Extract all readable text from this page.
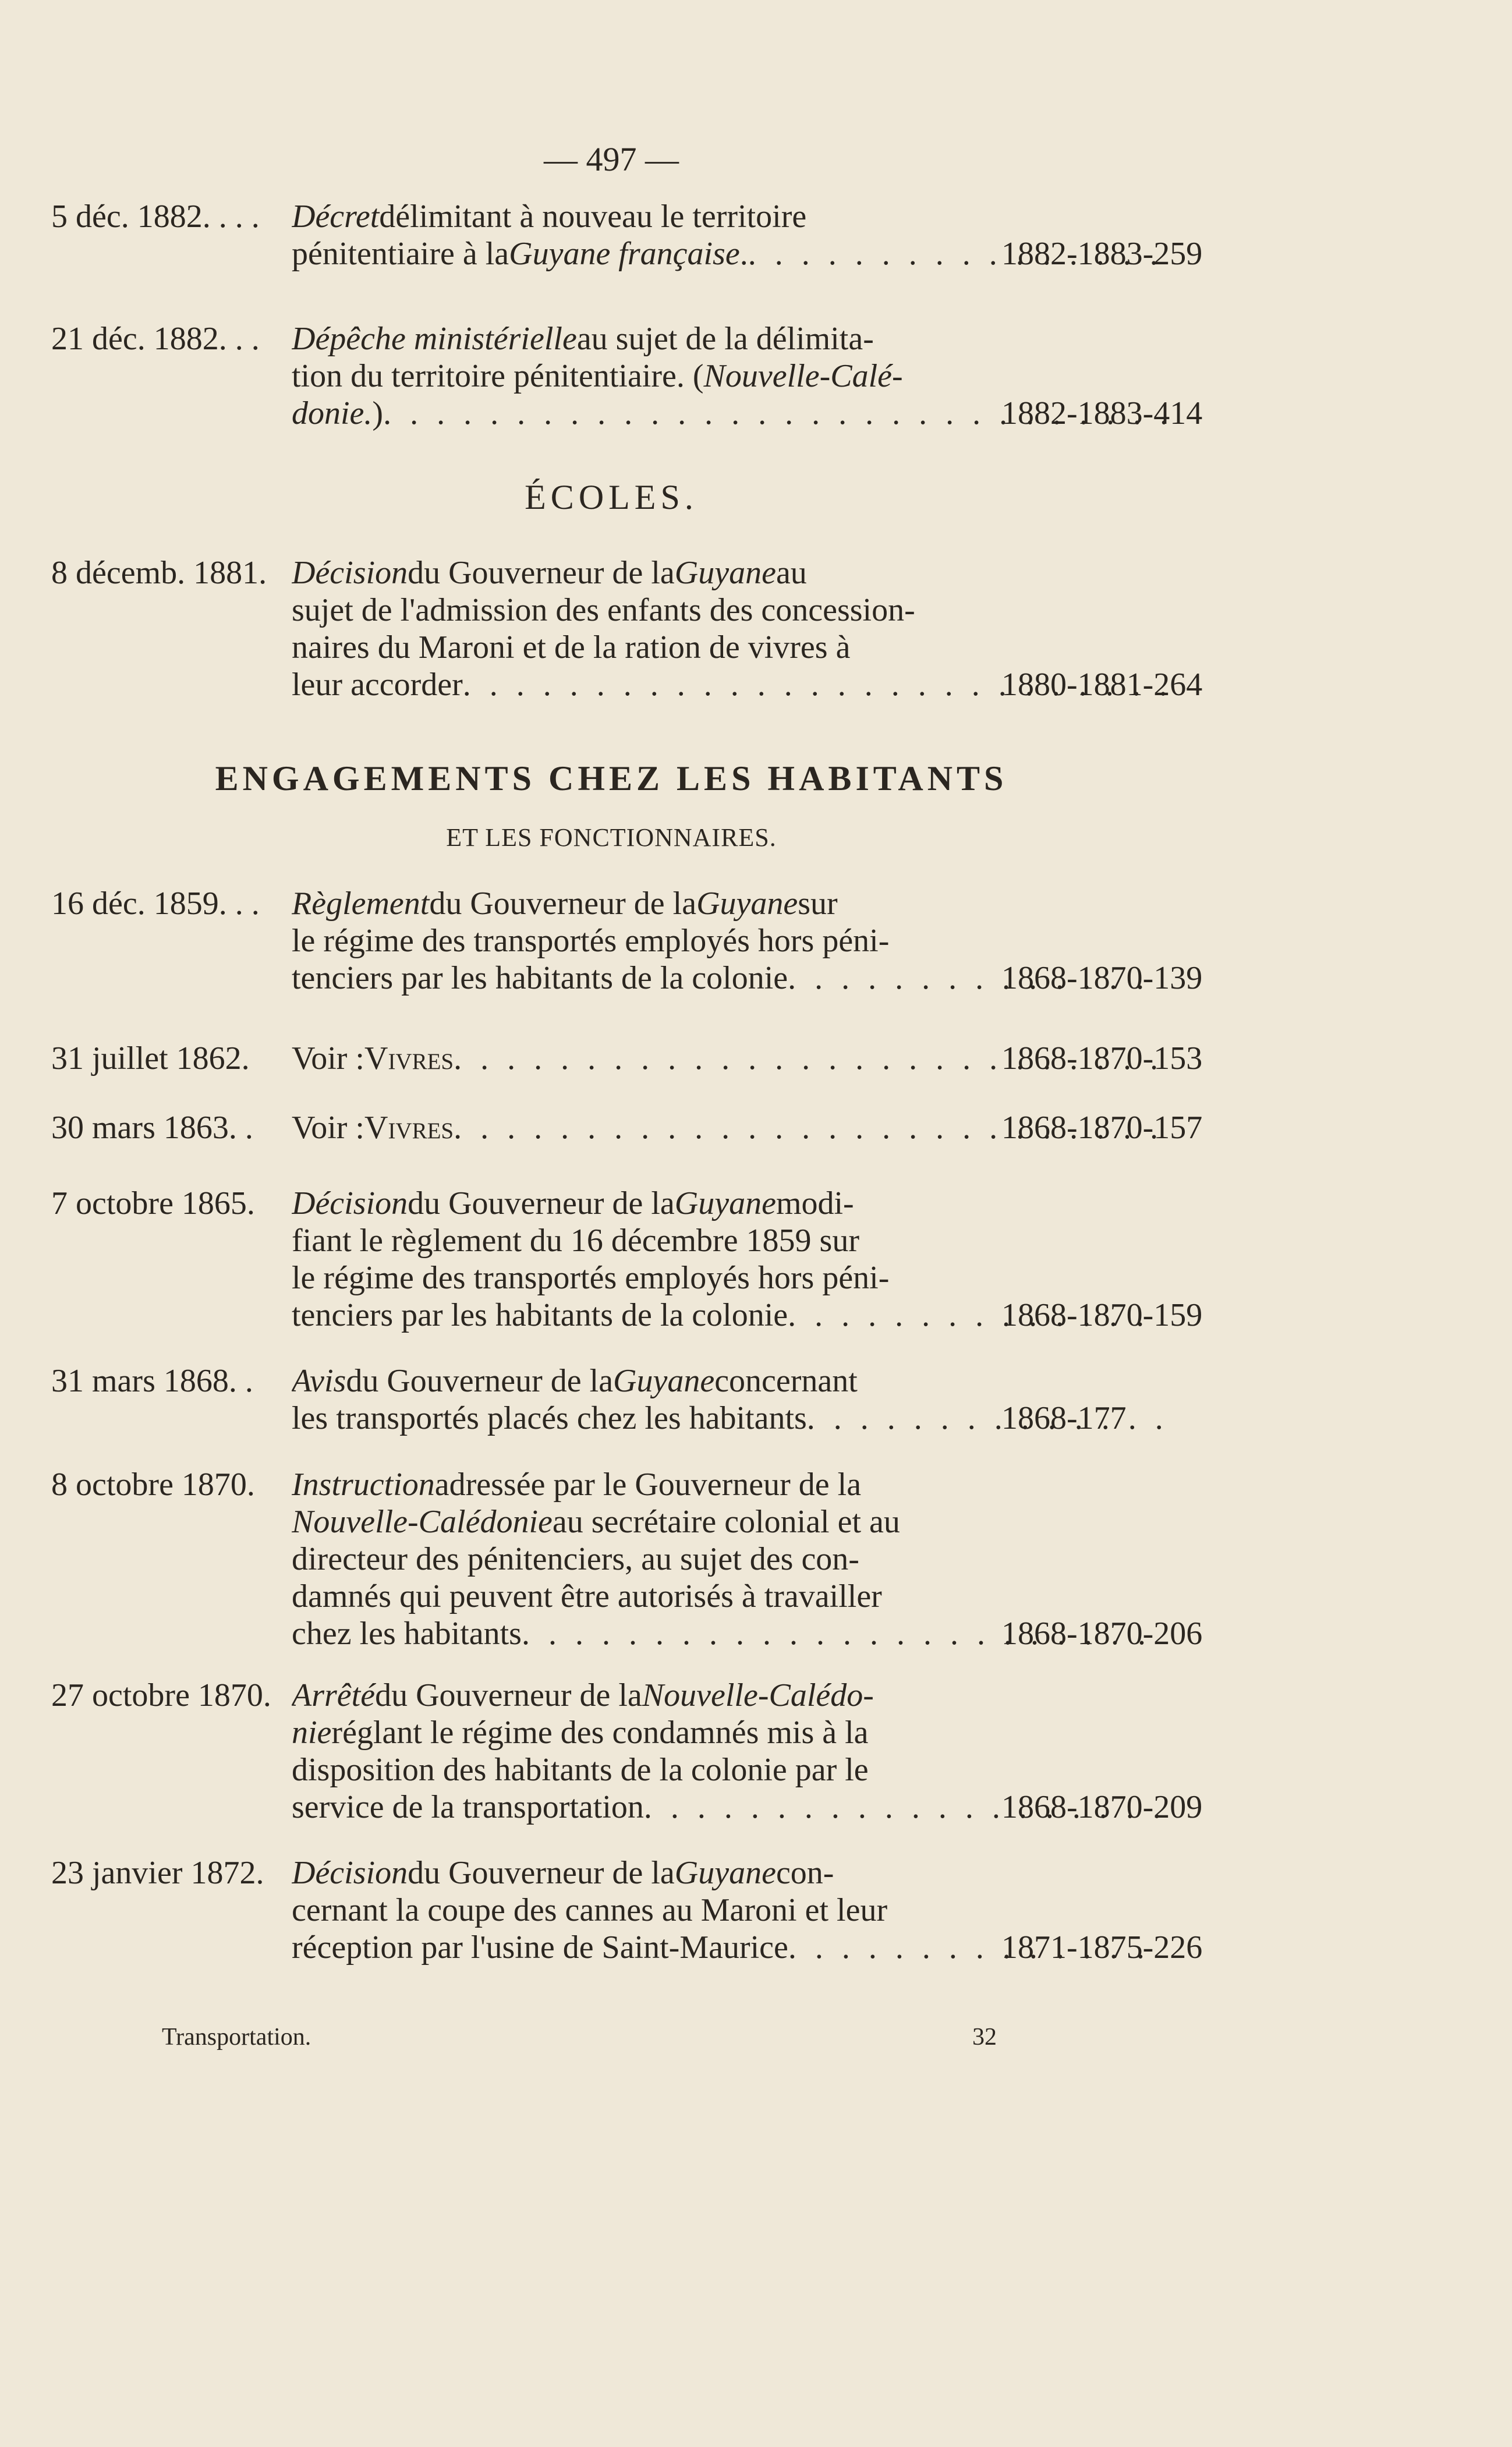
— 497 —
5 déc. 1882. . . . Décret délimitant à nouveau le territoire
pénitentiaire à la Guyane française . . . .	1882-1883-259
21 déc. 1882. . . Dépêche ministérielle au sujet de la délimita-
tion du territoire pénitentiaire. ( Nouvelle-Calé-
donie. ) . . .	1882-1883-414
ÉCOLES.
8 décemb. 1881. Décision du Gouverneur de la Guyane au
sujet de l'admission des enfants des concession-
naires du Maroni et de la ration de vivres à
leur accorder . . .	1880-1881-264
ENGAGEMENTS CHEZ LES HABITANTS
ET LES FONCTIONNAIRES.
16 déc. 1859. . . Règlement du Gouverneur de la Guyane sur
le régime des transportés employés hors péni-
tenciers par les habitants de la colonie . . .	1868-1870-139
31 juillet 1862.	Voir : Vivres . . .	1868-1870-153
30 mars 1863. .	Voir : Vivres . . .	1868-1870-157
7 octobre 1865.	Décision du Gouverneur de la Guyane modi-
fiant le règlement du 16 décembre 1859 sur
le régime des transportés employés hors péni-
tenciers par les habitants de la colonie . . .	1868-1870-159
31 mars 1868. .	Avis du Gouverneur de la Guyane concernant
les transportés placés chez les habitants . . .	1868-177
8 octobre 1870.	Instruction adressée par le Gouverneur de la
Nouvelle-Calédonie au secrétaire colonial et au
directeur des pénitenciers, au sujet des con-
damnés qui peuvent être autorisés à travailler
chez les habitants . . .	1868-1870-206
27 octobre 1870. Arrêté du Gouverneur de la Nouvelle-Calédo-
nie réglant le régime des condamnés mis à la
disposition des habitants de la colonie par le
service de la transportation . . .	1868-1870-209
23 janvier 1872. Décision du Gouverneur de la Guyane con-
cernant la coupe des cannes au Maroni et leur
réception par l'usine de Saint-Maurice . . .	1871-1875-226
Transportation.	32
